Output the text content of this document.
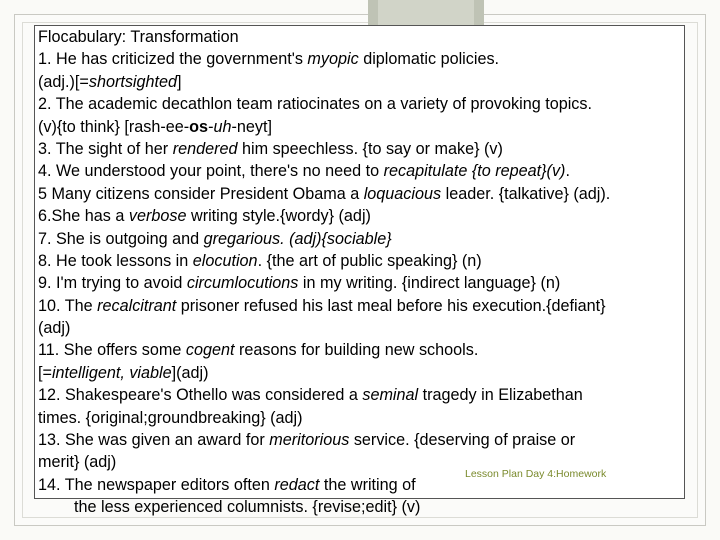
Flocabulary: Transformation
1. He has criticized the government's myopic diplomatic policies.
(adj.)[=shortsighted]
2. The academic decathlon team ratiocinates on a variety of provoking topics.
(v){to think} [rash-ee-os-uh-neyt]
3. The sight of her rendered him speechless. {to say or make} (v)
4. We understood your point, there's no need to recapitulate {to repeat}(v).
5 Many citizens consider President Obama a loquacious leader. {talkative} (adj).
6.She has a verbose writing style.{wordy} (adj)
7. She is outgoing and gregarious. (adj){sociable}
8. He took lessons in elocution. {the art of public speaking} (n)
9. I'm trying to avoid circumlocutions in my writing. {indirect language} (n)
10. The recalcitrant prisoner refused his last meal before his execution.{defiant}
(adj)
11. She offers some cogent reasons for building new schools.
[=intelligent, viable](adj)
12. Shakespeare's Othello was considered a seminal tragedy in Elizabethan
times. {original;groundbreaking} (adj)
13. She was given an award for meritorious service. {deserving of praise or
merit} (adj)
14. The newspaper editors often redact the writing of
the less experienced columnists. {revise;edit} (v)
Lesson Plan Day 4:Homework
